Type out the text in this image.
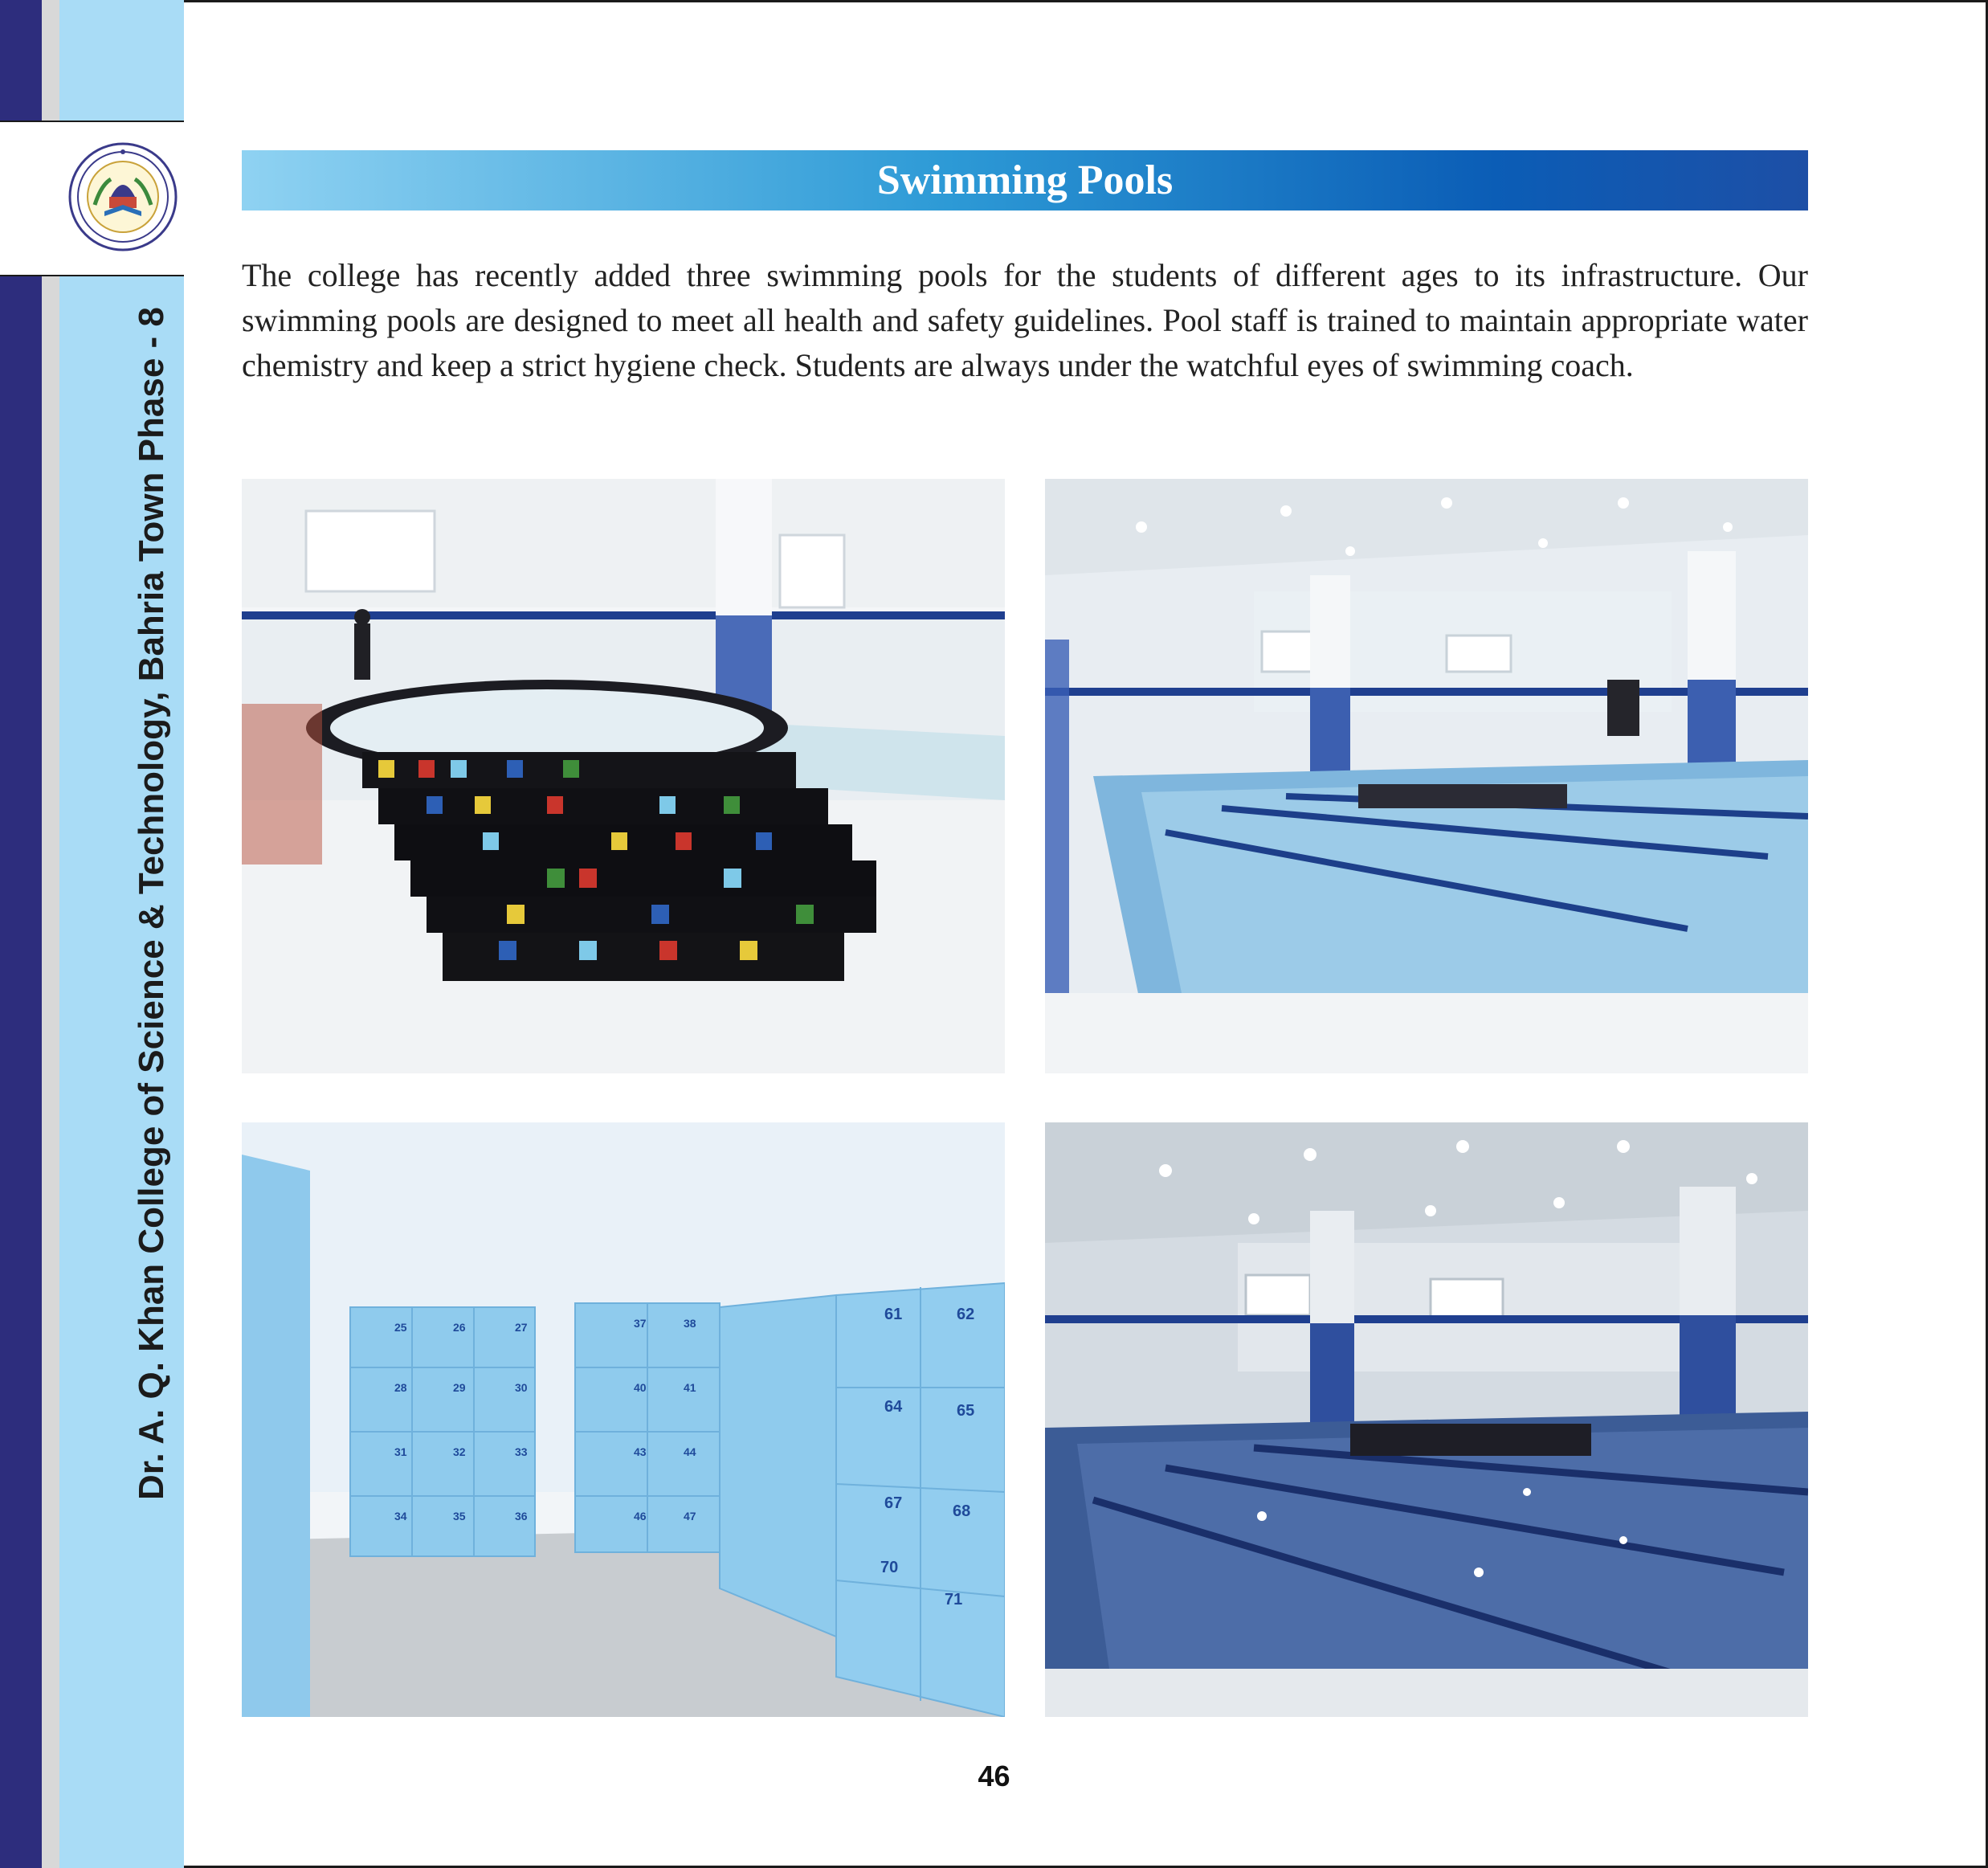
Dr. A. Q. Khan College of Science & Technology, Bahria Town Phase - 8
Swimming Pools

The college has recently added three swimming pools for the students of different ages to its infrastructure. Our swimming pools are designed to meet all health and safety guidelines. Pool staff is trained to maintain appropriate water chemistry and keep a strict hygiene check. Students are always under the watchful eyes of swimming coach.

25	26	27
28	29	30
31	32	33
34	35	36
37	38
40	41
43	44
46	47
61	62
64	65
67	68
70
71
46
